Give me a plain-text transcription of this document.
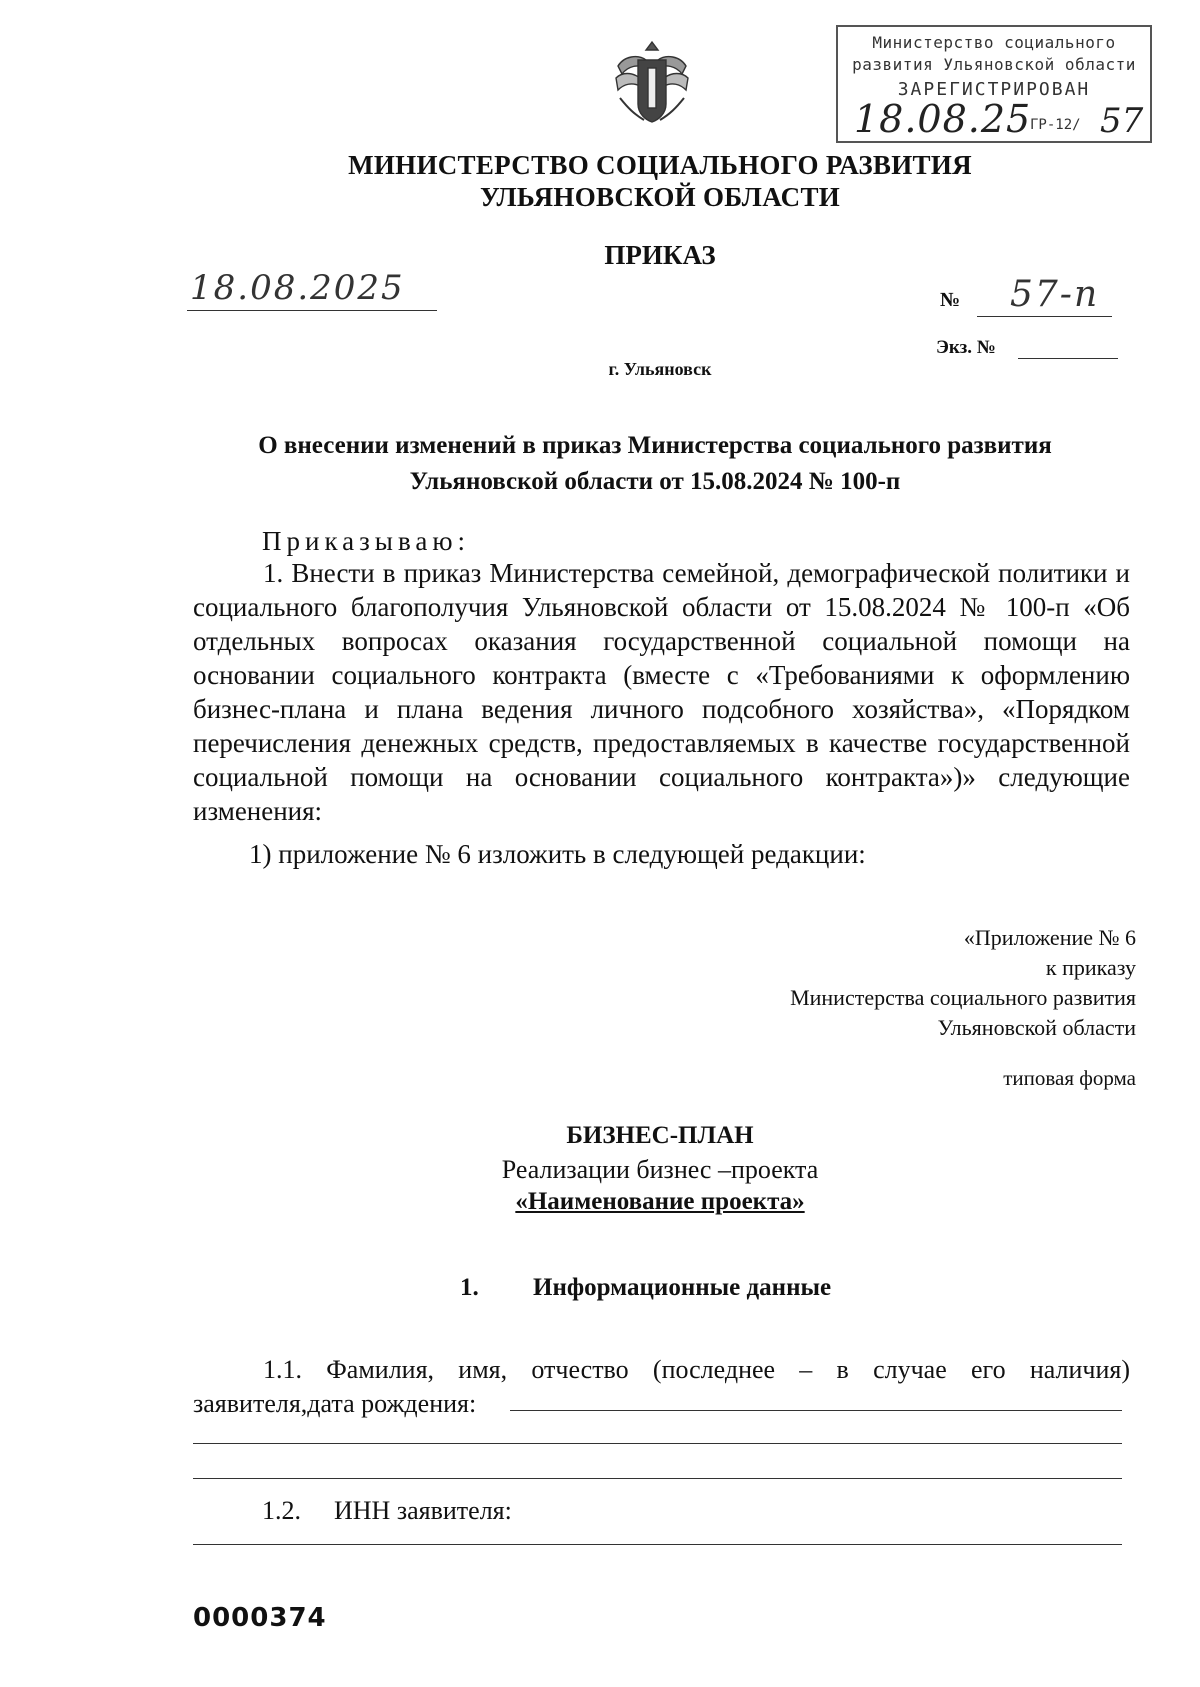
Министерство социального
развития Ульяновской области
ЗАРЕГИСТРИРОВАН
18.08.25
ГР-12/ 57
МИНИСТЕРСТВО СОЦИАЛЬНОГО РАЗВИТИЯ
УЛЬЯНОВСКОЙ ОБЛАСТИ
ПРИКАЗ
18.08.2025	№ 57-п
Экз. №
г. Ульяновск
О внесении изменений в приказ Министерства социального развития
Ульяновской области от 15.08.2024 № 100-п
Приказываю:
1. Внести в приказ Министерства семейной, демографической политики и социального благополучия Ульяновской области от 15.08.2024 № 100-п «Об отдельных вопросах оказания государственной социальной помощи на основании социального контракта (вместе с «Требованиями к оформлению бизнес-плана и плана ведения личного подсобного хозяйства», «Порядком перечисления денежных средств, предоставляемых в качестве государственной социальной помощи на основании социального контракта»)» следующие изменения:
1) приложение № 6 изложить в следующей редакции:
«Приложение № 6
к приказу
Министерства социального развития
Ульяновской области
типовая форма
БИЗНЕС-ПЛАН
Реализации бизнес –проекта
«Наименование проекта»
1. Информационные данные
1.1. Фамилия, имя, отчество (последнее – в случае его наличия) заявителя,дата рождения:
1.2. ИНН заявителя:
0000374
